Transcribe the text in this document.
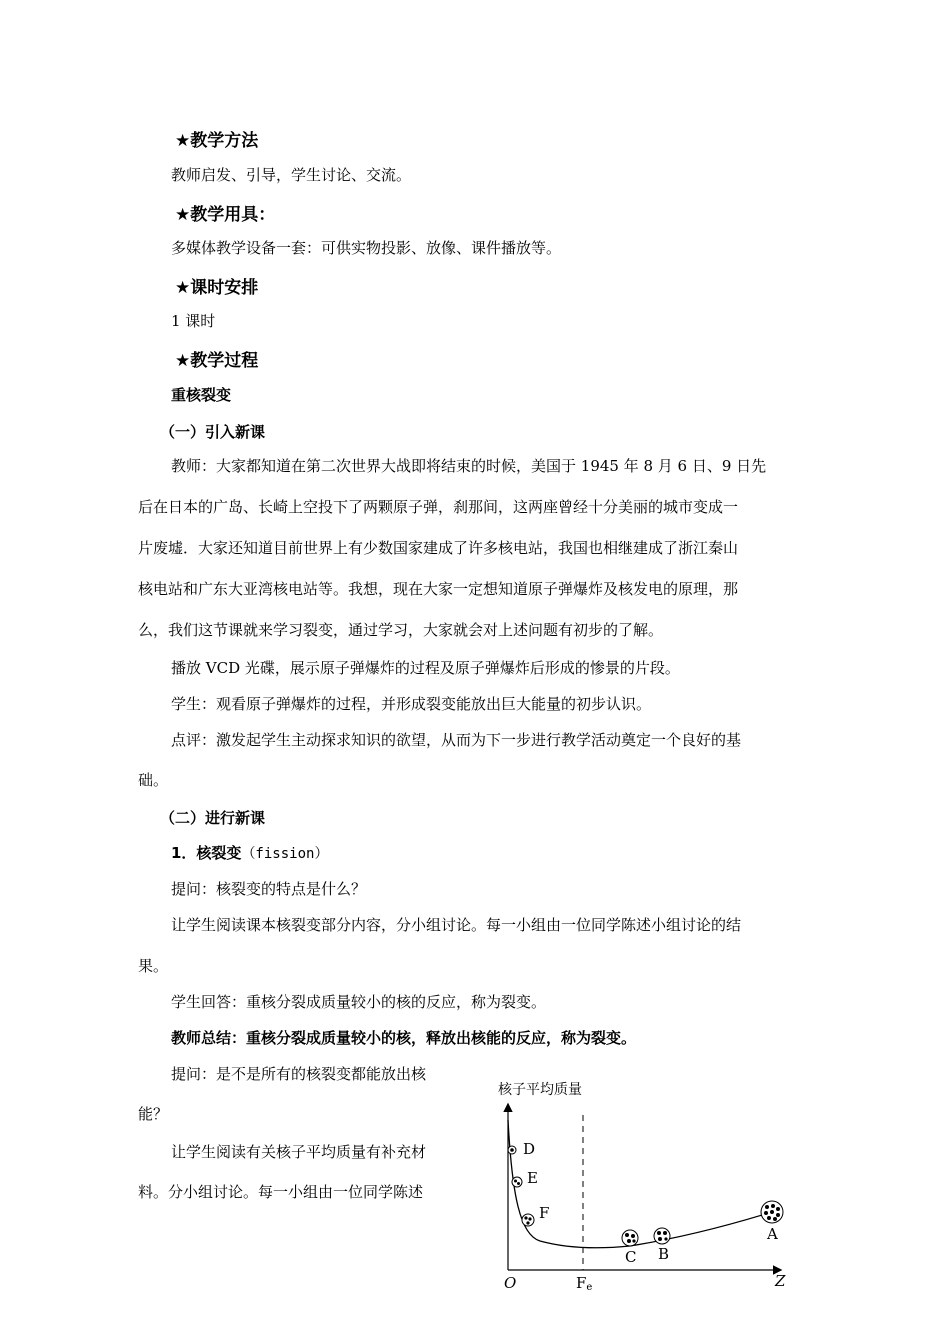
★教学方法
教师启发、引导，学生讨论、交流。
★教学用具：
多媒体教学设备一套：可供实物投影、放像、课件播放等。
★课时安排
1 课时
★教学过程
重核裂变
（一）引入新课
教师：大家都知道在第二次世界大战即将结束的时候，美国于 1945 年 8 月 6 日、9 日先
后在日本的广岛、长崎上空投下了两颗原子弹，刹那间，这两座曾经十分美丽的城市变成一
片废墟．大家还知道目前世界上有少数国家建成了许多核电站，我国也相继建成了浙江秦山
核电站和广东大亚湾核电站等。我想，现在大家一定想知道原子弹爆炸及核发电的原理，那
么，我们这节课就来学习裂变，通过学习，大家就会对上述问题有初步的了解。
播放 VCD 光碟，展示原子弹爆炸的过程及原子弹爆炸后形成的惨景的片段。
学生：观看原子弹爆炸的过程，并形成裂变能放出巨大能量的初步认识。
点评：激发起学生主动探求知识的欲望，从而为下一步进行教学活动奠定一个良好的基
础。
（二）进行新课
1．核裂变（fission）
提问：核裂变的特点是什么？
让学生阅读课本核裂变部分内容，分小组讨论。每一小组由一位同学陈述小组讨论的结
果。
学生回答：重核分裂成质量较小的核的反应，称为裂变。
教师总结：重核分裂成质量较小的核，释放出核能的反应，称为裂变。
提问：是不是所有的核裂变都能放出核
能？
让学生阅读有关核子平均质量有补充材
料。分小组讨论。每一小组由一位同学陈述
核子平均质量
D
E
F
C B
A
O	Fe	Z
